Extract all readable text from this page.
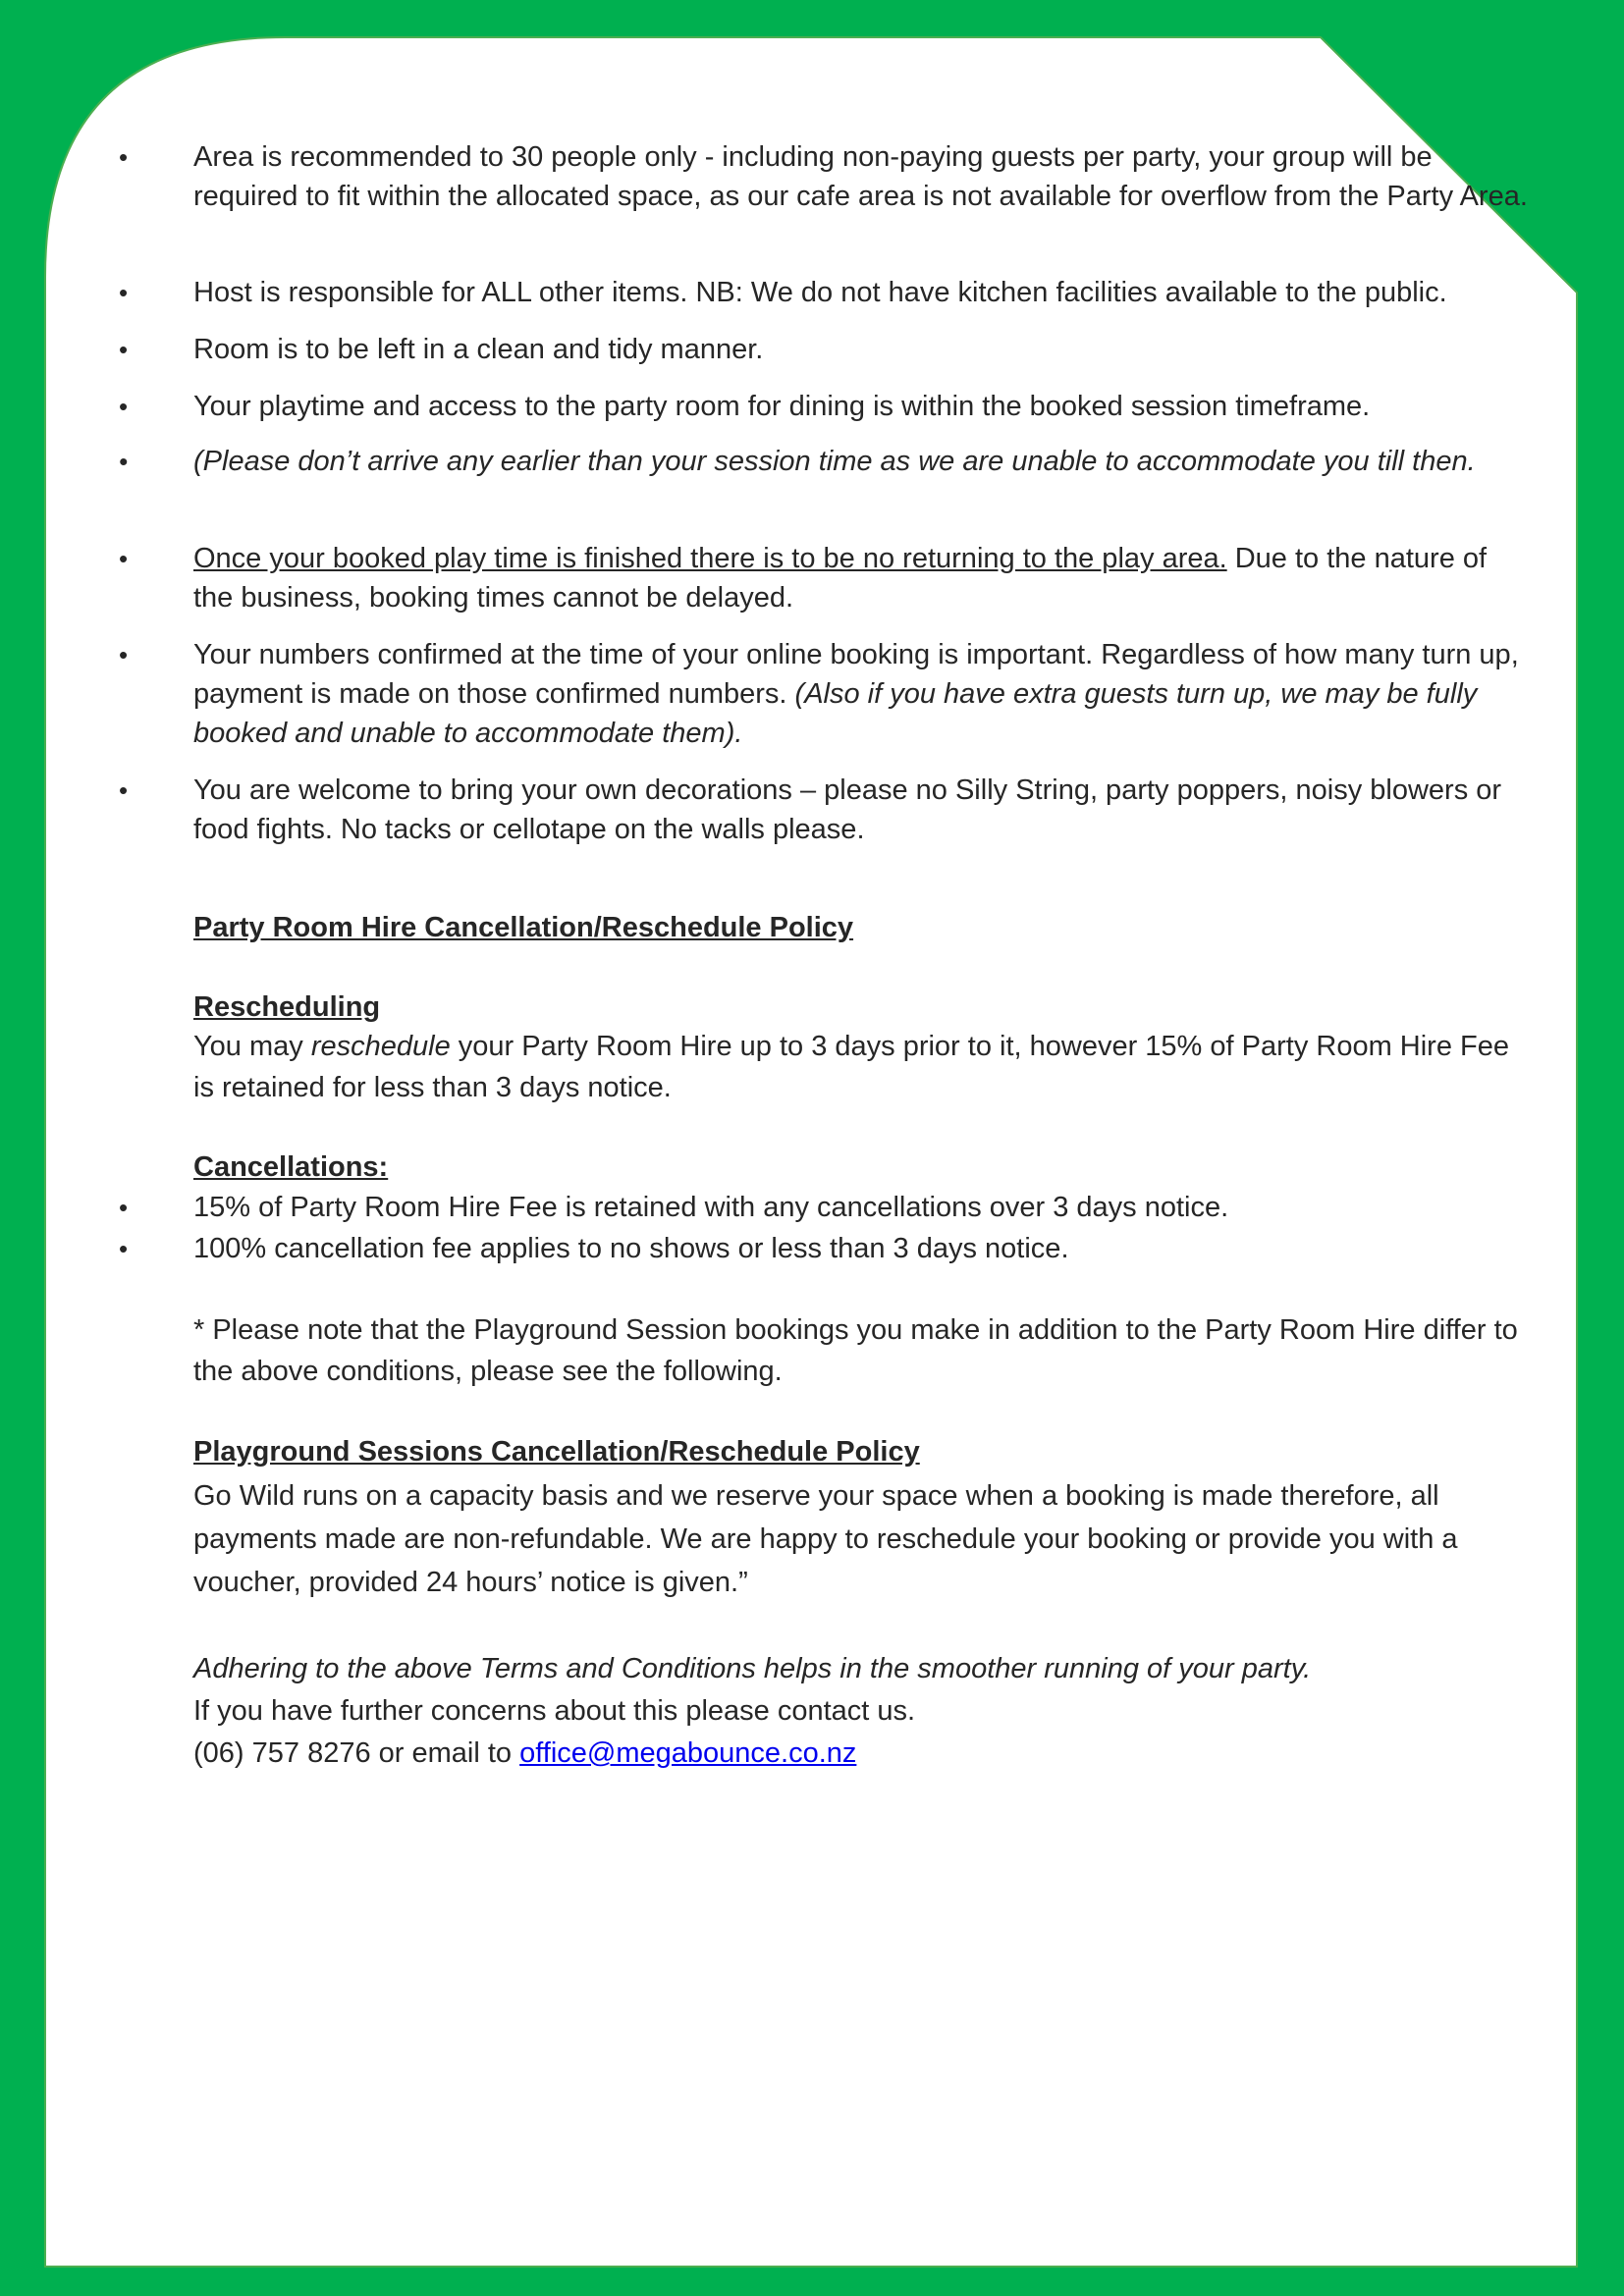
• Area is recommended to 30 people only - including non-paying guests per party, your group will be required to fit within the allocated space, as our cafe area is not available for overflow from the Party Area.
• Host is responsible for ALL other items. NB: We do not have kitchen facilities available to the public.
• Room is to be left in a clean and tidy manner.
• Your playtime and access to the party room for dining is within the booked session timeframe.
• (Please don’t arrive any earlier than your session time as we are unable to accommodate you till then.
• Once your booked play time is finished there is to be no returning to the play area. Due to the nature of the business, booking times cannot be delayed.
• Your numbers confirmed at the time of your online booking is important. Regardless of how many turn up, payment is made on those confirmed numbers. (Also if you have extra guests turn up, we may be fully booked and unable to accommodate them).
• You are welcome to bring your own decorations – please no Silly String, party poppers, noisy blowers or food fights. No tacks or cellotape on the walls please.
Party Room Hire Cancellation/Reschedule Policy
Rescheduling
You may reschedule your Party Room Hire up to 3 days prior to it, however 15% of Party Room Hire Fee is retained for less than 3 days notice.
Cancellations:
• 15% of Party Room Hire Fee is retained with any cancellations over 3 days notice.
• 100% cancellation fee applies to no shows or less than 3 days notice.
* Please note that the Playground Session bookings you make in addition to the Party Room Hire differ to the above conditions, please see the following.
Playground Sessions Cancellation/Reschedule Policy
Go Wild runs on a capacity basis and we reserve your space when a booking is made therefore, all payments made are non-refundable. We are happy to reschedule your booking or provide you with a voucher, provided 24 hours’ notice is given.”
Adhering to the above Terms and Conditions helps in the smoother running of your party.
If you have further concerns about this please contact us.
(06) 757 8276 or email to office@megabounce.co.nz
